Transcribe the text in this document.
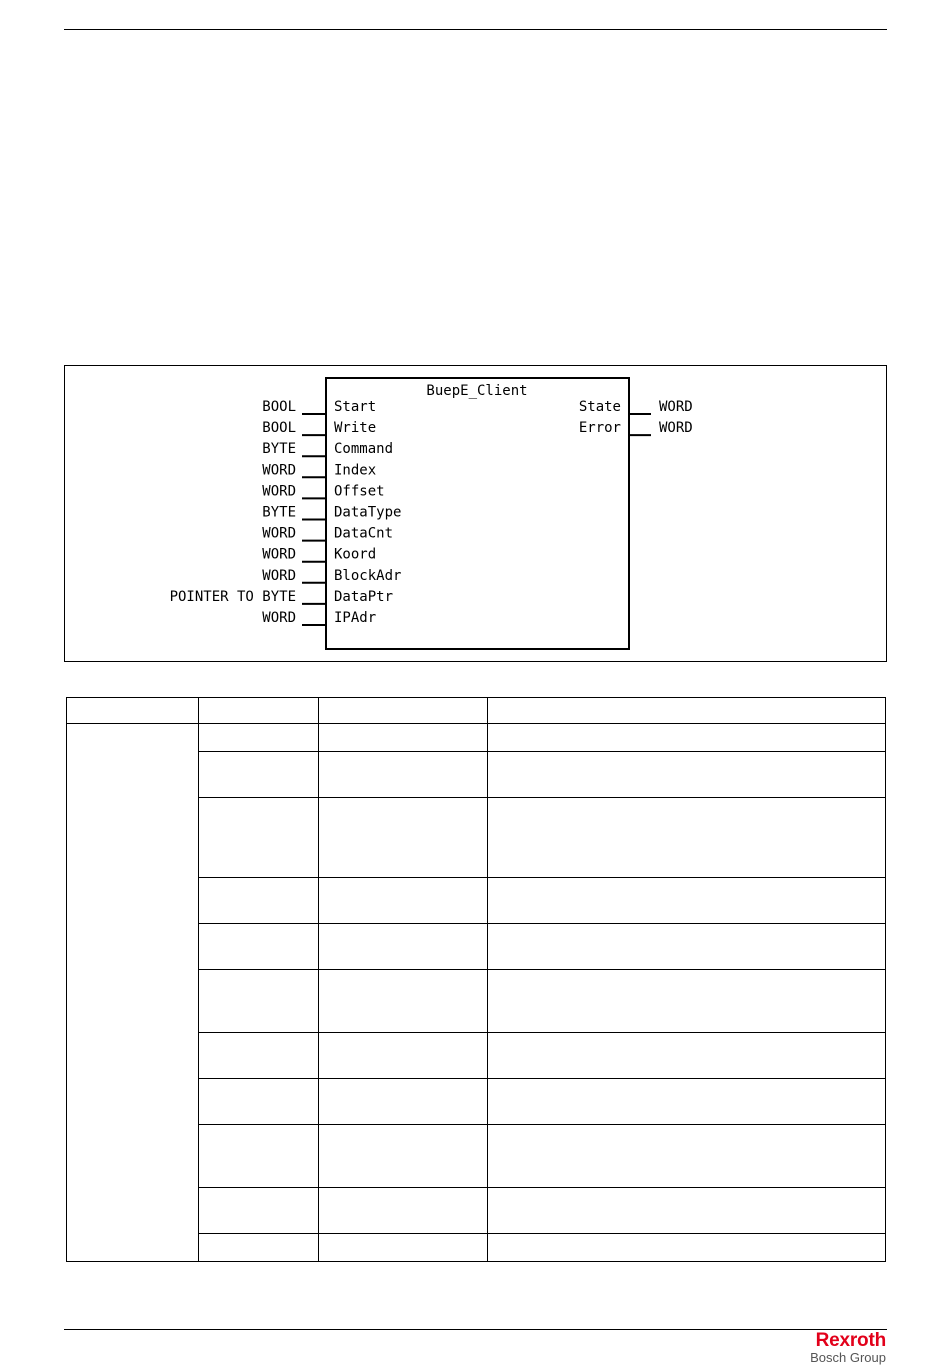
BuepE_Client
BOOL	Start
BOOL	Write
BYTE	Command
WORD	Index
WORD	Offset
BYTE	DataType
WORD	DataCnt
WORD	Koord
WORD	BlockAdr
POINTER TO BYTE	DataPtr
WORD	IPAdr
State	WORD
Error	WORD

Rexroth
Bosch Group
